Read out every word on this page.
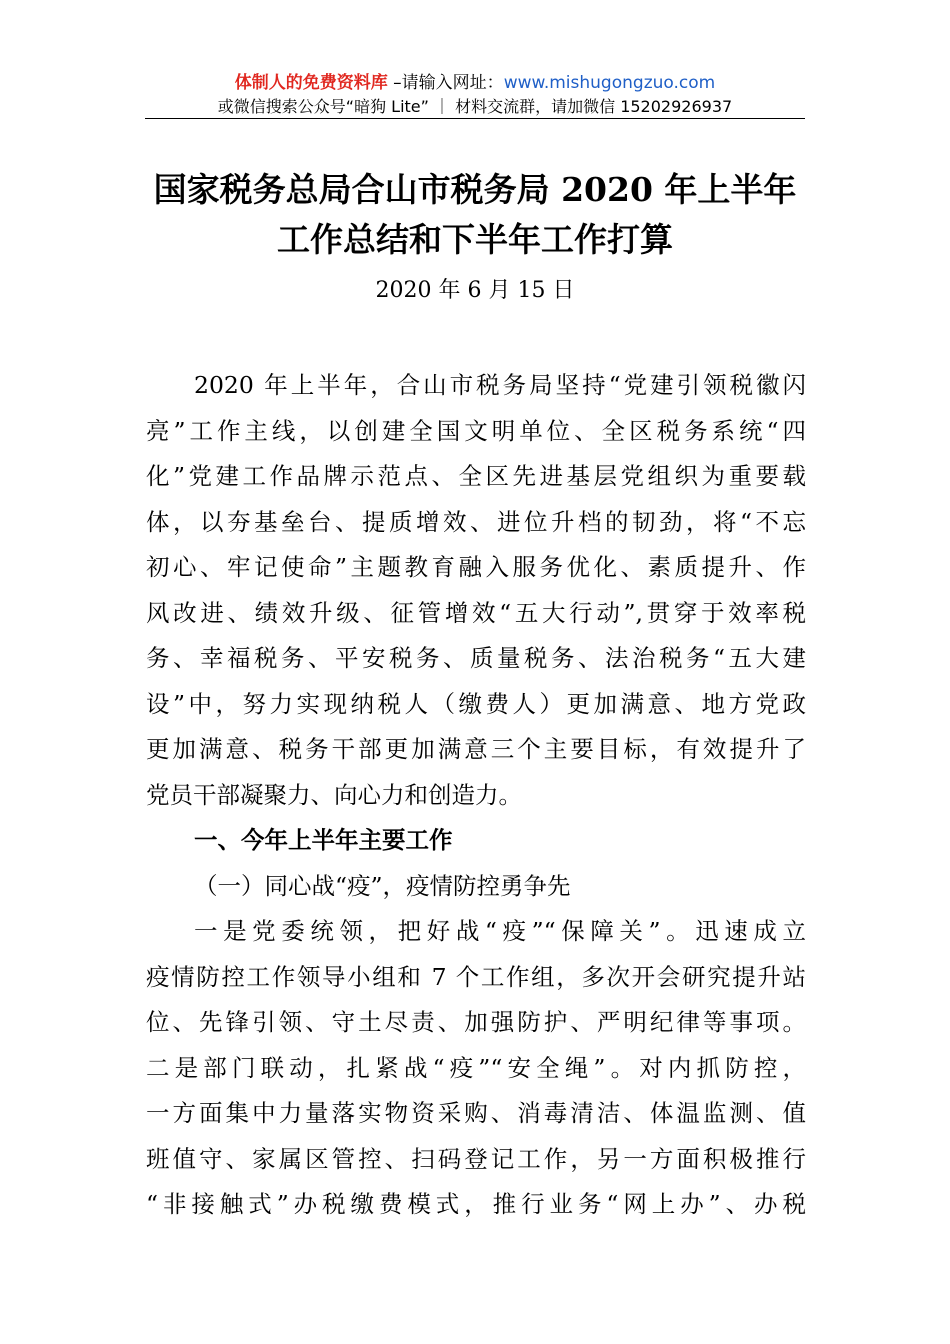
体制人的免费资料库 –请输入网址：www.mishugongzuo.com
或微信搜索公众号“暗狗 Lite” ｜ 材料交流群，请加微信 15202926937
国家税务总局合山市税务局 2020 年上半年
工作总结和下半年工作打算
2020 年 6 月 15 日
2020 年上半年，合山市税务局坚持“党建引领税徽闪
亮”工作主线，以创建全国文明单位、全区税务系统“四
化”党建工作品牌示范点、全区先进基层党组织为重要载
体，以夯基垒台、提质增效、进位升档的韧劲，将“不忘
初心、牢记使命”主题教育融入服务优化、素质提升、作
风改进、绩效升级、征管增效“五大行动”,贯穿于效率税
务、幸福税务、平安税务、质量税务、法治税务“五大建
设”中，努力实现纳税人（缴费人）更加满意、地方党政
更加满意、税务干部更加满意三个主要目标，有效提升了
党员干部凝聚力、向心力和创造力。
一、今年上半年主要工作
（一）同心战“疫”，疫情防控勇争先
一是党委统领，把好战“疫”“保障关”。迅速成立
疫情防控工作领导小组和 7 个工作组，多次开会研究提升站
位、先锋引领、守土尽责、加强防护、严明纪律等事项。
二是部门联动，扎紧战“疫”“安全绳”。对内抓防控，
一方面集中力量落实物资采购、消毒清洁、体温监测、值
班值守、家属区管控、扫码登记工作，另一方面积极推行
“非接触式”办税缴费模式，推行业务“网上办”、办税
